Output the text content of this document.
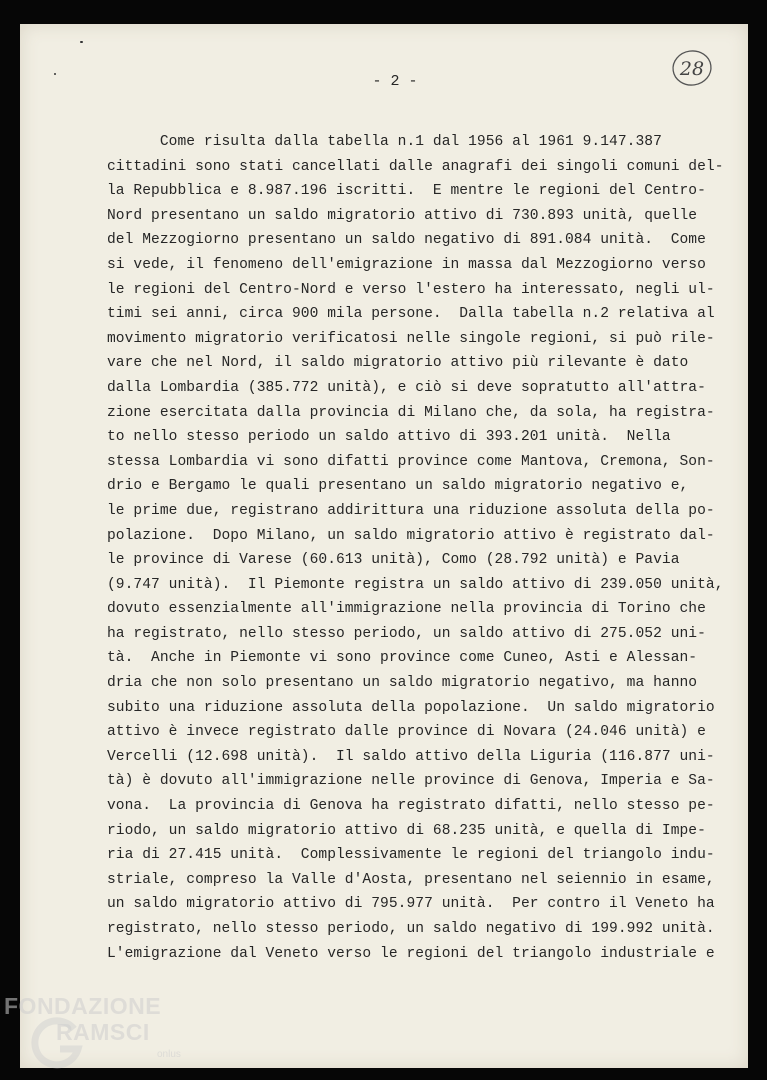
- 2 -
28
Come risulta dalla tabella n.1 dal 1956 al 1961 9.147.387
cittadini sono stati cancellati dalle anagrafi dei singoli comuni del-
la Repubblica e 8.987.196 iscritti.  E mentre le regioni del Centro-
Nord presentano un saldo migratorio attivo di 730.893 unità, quelle
del Mezzogiorno presentano un saldo negativo di 891.084 unità.  Come
si vede, il fenomeno dell'emigrazione in massa dal Mezzogiorno verso
le regioni del Centro-Nord e verso l'estero ha interessato, negli ul-
timi sei anni, circa 900 mila persone.  Dalla tabella n.2 relativa al
movimento migratorio verificatosi nelle singole regioni, si può rile-
vare che nel Nord, il saldo migratorio attivo più rilevante è dato
dalla Lombardia (385.772 unità), e ciò si deve sopratutto all'attra-
zione esercitata dalla provincia di Milano che, da sola, ha registra-
to nello stesso periodo un saldo attivo di 393.201 unità.  Nella
stessa Lombardia vi sono difatti province come Mantova, Cremona, Son-
drio e Bergamo le quali presentano un saldo migratorio negativo e,
le prime due, registrano addirittura una riduzione assoluta della po-
polazione.  Dopo Milano, un saldo migratorio attivo è registrato dal-
le province di Varese (60.613 unità), Como (28.792 unità) e Pavia
(9.747 unità).  Il Piemonte registra un saldo attivo di 239.050 unità,
dovuto essenzialmente all'immigrazione nella provincia di Torino che
ha registrato, nello stesso periodo, un saldo attivo di 275.052 uni-
tà.  Anche in Piemonte vi sono province come Cuneo, Asti e Alessan-
dria che non solo presentano un saldo migratorio negativo, ma hanno
subito una riduzione assoluta della popolazione.  Un saldo migratorio
attivo è invece registrato dalle province di Novara (24.046 unità) e
Vercelli (12.698 unità).  Il saldo attivo della Liguria (116.877 uni-
tà) è dovuto all'immigrazione nelle province di Genova, Imperia e Sa-
vona.  La provincia di Genova ha registrato difatti, nello stesso pe-
riodo, un saldo migratorio attivo di 68.235 unità, e quella di Impe-
ria di 27.415 unità.  Complessivamente le regioni del triangolo indu-
striale, compreso la Valle d'Aosta, presentano nel seiennio in esame,
un saldo migratorio attivo di 795.977 unità.  Per contro il Veneto ha
registrato, nello stesso periodo, un saldo negativo di 199.992 unità.
L'emigrazione dal Veneto verso le regioni del triangolo industriale e
FONDAZIONE
RAMSCI
onlus
